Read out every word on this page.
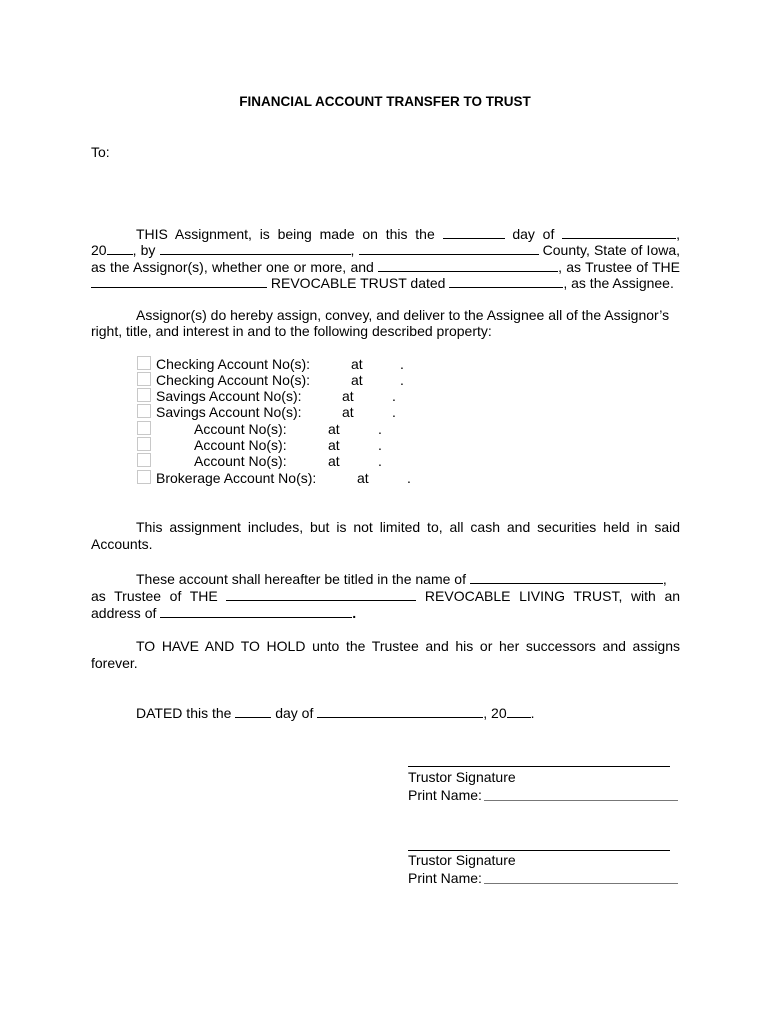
FINANCIAL ACCOUNT TRANSFER TO TRUST
To:
THIS Assignment, is being made on this the	day of	,
20 , by	,	County, State of Iowa,
as the Assignor(s), whether one or more, and	, as Trustee of THE
REVOCABLE TRUST dated	, as the Assignee.
Assignor(s) do hereby assign, convey, and deliver to the Assignee all of the Assignor’s
right, title, and interest in and to the following described property:
Checking Account No(s):	at	.
Checking Account No(s):	at	.
Savings Account No(s):	at	.
Savings Account No(s):	at	.
Account No(s):	at	.
Account No(s):	at	.
Account No(s):	at	.
Brokerage Account No(s):	at	.
This assignment includes, but is not limited to, all cash and securities held in said
Accounts.
These account shall hereafter be titled in the name of	,
as Trustee of THE	REVOCABLE LIVING TRUST, with an
address of	.
TO HAVE AND TO HOLD unto the Trustee and his or her successors and assigns
forever.
DATED this the	day of	, 20 .
Trustor Signature
Print Name:
Trustor Signature
Print Name:
